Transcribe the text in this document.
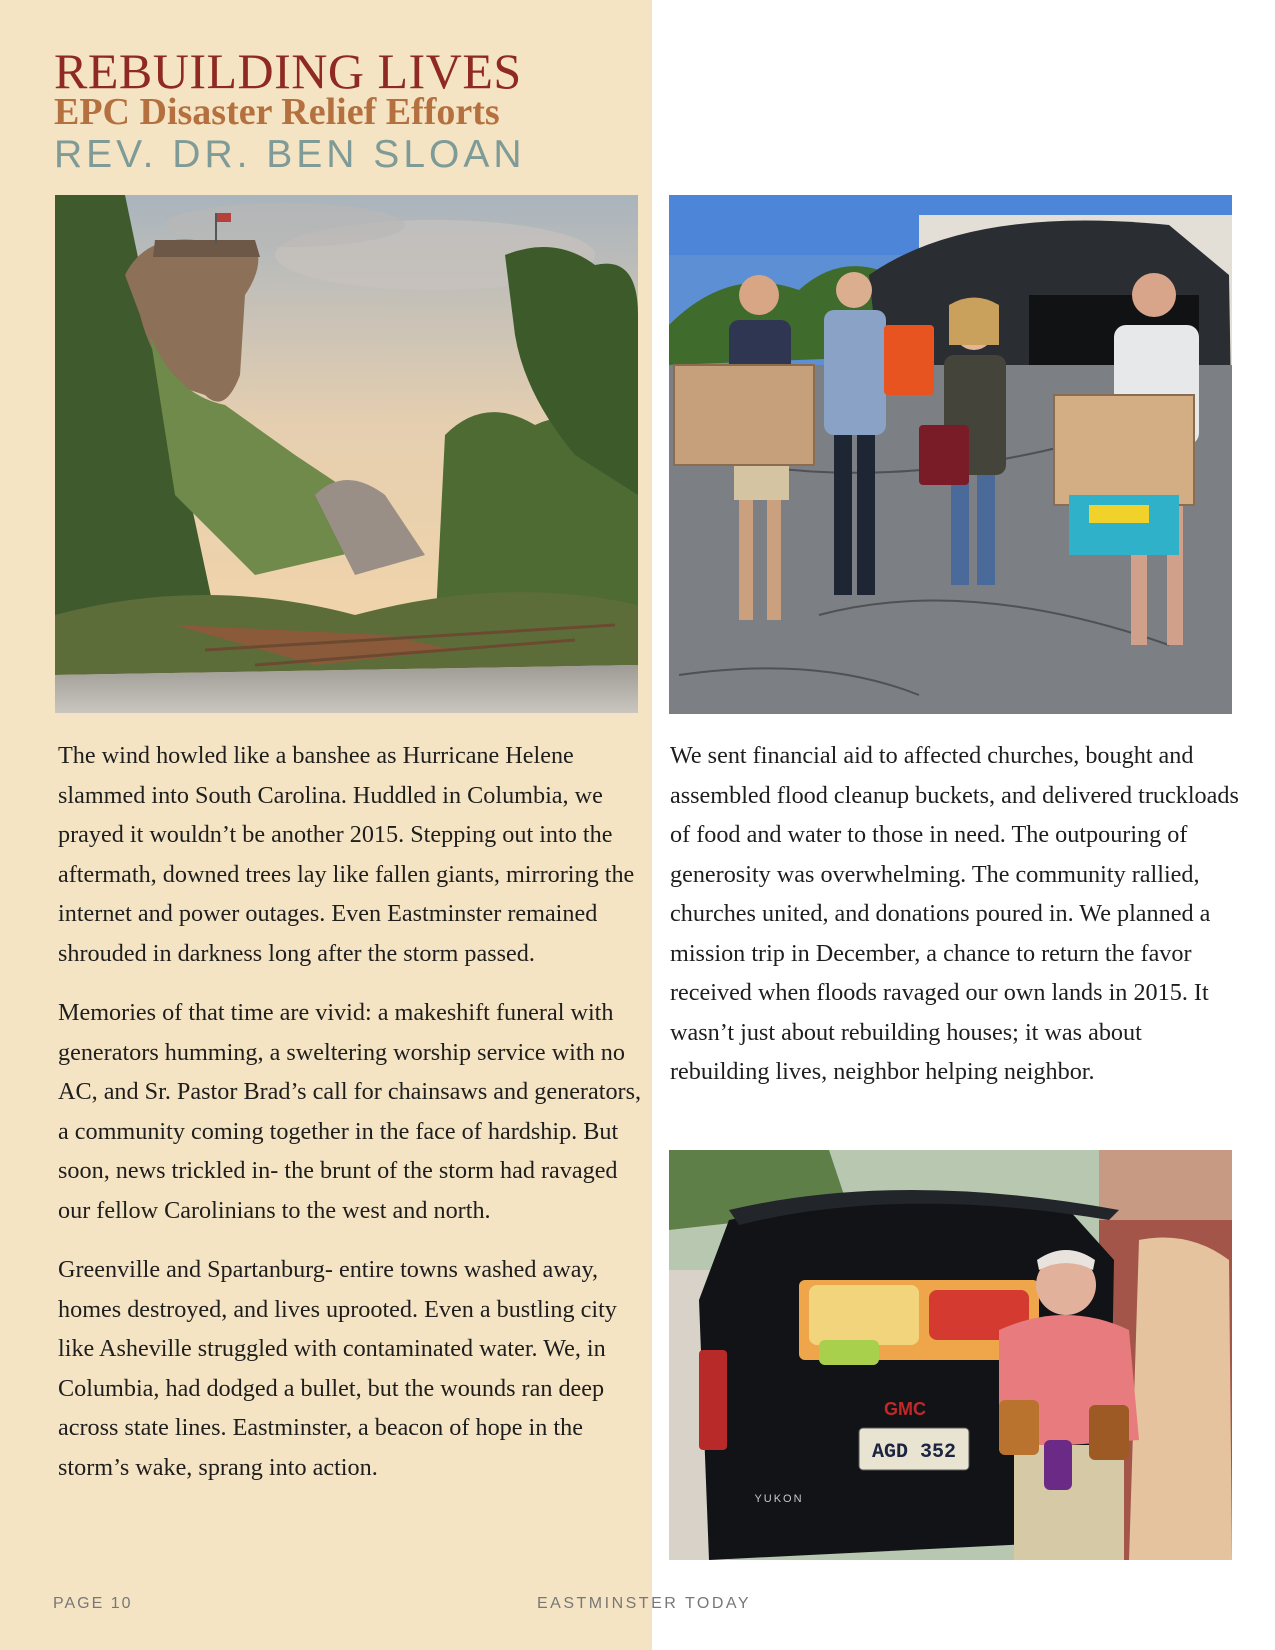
REBUILDING LIVES
EPC Disaster Relief Efforts
REV. DR. BEN SLOAN
GMC
AGD 352
YUKON

The wind howled like a banshee as Hurricane Helene slammed into South Carolina. Huddled in Columbia, we prayed it wouldn’t be another 2015. Stepping out into the aftermath, downed trees lay like fallen giants, mirroring the internet and power outages. Even Eastminster remained shrouded in darkness long after the storm passed.

Memories of that time are vivid: a makeshift funeral with generators humming, a sweltering worship service with no AC, and Sr. Pastor Brad’s call for chainsaws and generators, a community coming together in the face of hardship. But soon, news trickled in- the brunt of the storm had ravaged our fellow Carolinians to the west and north.

Greenville and Spartanburg- entire towns washed away, homes destroyed, and lives uprooted. Even a bustling city like Asheville struggled with contaminated water. We, in Columbia, had dodged a bullet, but the wounds ran deep across state lines. Eastminster, a beacon of hope in the storm’s wake, sprang into action.

We sent financial aid to affected churches, bought and assembled flood cleanup buckets, and delivered truckloads of food and water to those in need. The outpouring of generosity was overwhelming. The community rallied, churches united, and donations poured in. We planned a mission trip in December, a chance to return the favor received when floods ravaged our own lands in 2015. It wasn’t just about rebuilding houses; it was about rebuilding lives, neighbor helping neighbor.

PAGE 10	EASTMINSTER TODAY
